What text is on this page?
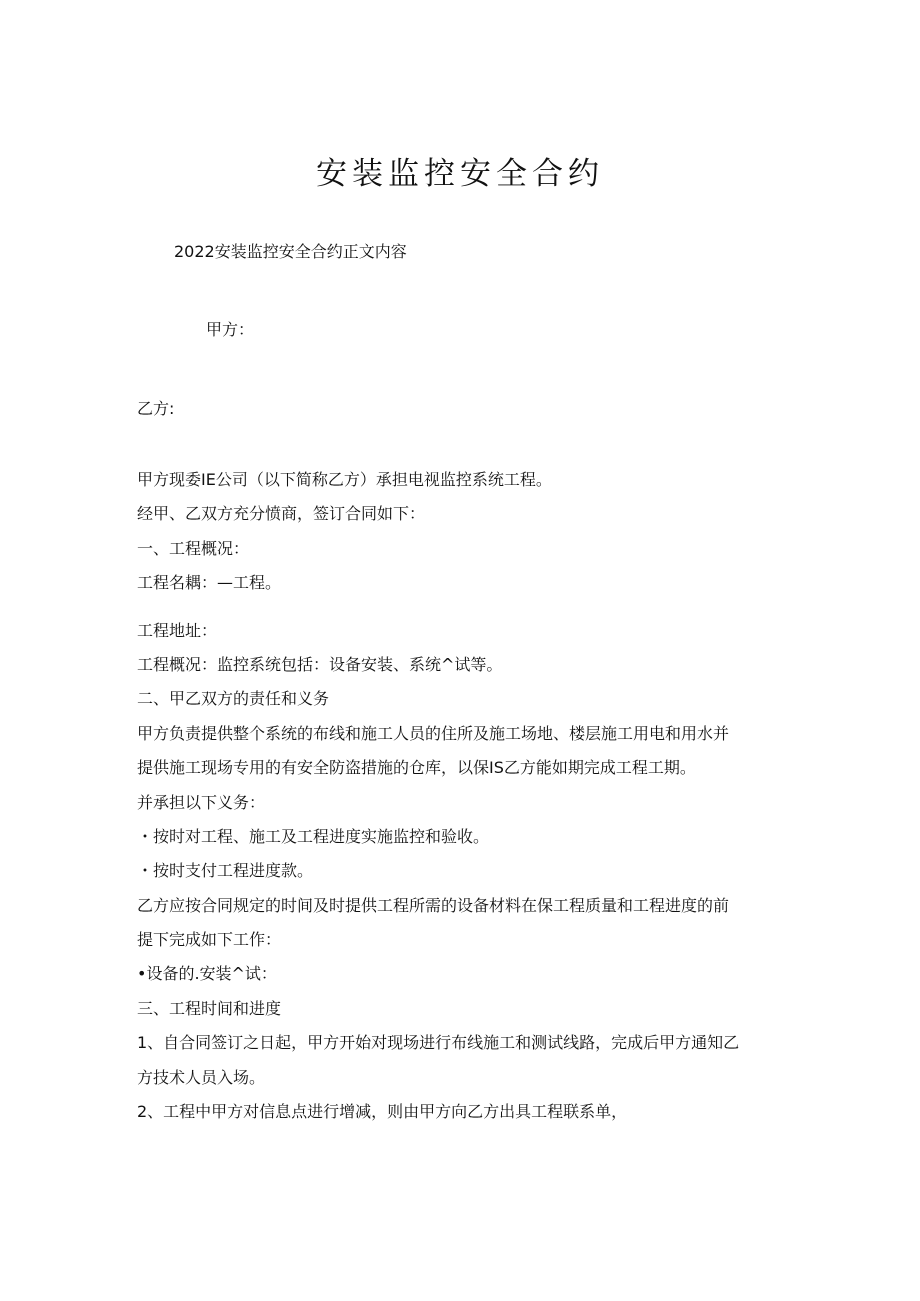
安装监控安全合约
2022安装监控安全合约正文内容
甲方：
乙方:
甲方现委IE公司（以下简称乙方）承担电视监控系统工程。
经甲、乙双方充分愤商，签订合同如下：
一、工程概况：
工程名耦：—工程。
工程地址：
工程概况：监控系统包括：设备安装、系统^试等。
二、甲乙双方的责任和义务
甲方负责提供整个系统的布线和施工人员的住所及施工场地、楼层施工用电和用水并
提供施工现场专用的有安全防盗措施的仓库，以保IS乙方能如期完成工程工期。
并承担以下义务：
・按时对工程、施工及工程进度实施监控和验收。
・按时支付工程进度款。
乙方应按合同规定的时间及时提供工程所需的设备材料在保工程质量和工程进度的前
提下完成如下工作：
•设备的.安装^试：
三、工程时间和进度
1、自合同签订之日起，甲方开始对现场进行布线施工和测试线路，完成后甲方通知乙
方技术人员入场。
2、工程中甲方对信息点进行增减，则由甲方向乙方出具工程联系单，
